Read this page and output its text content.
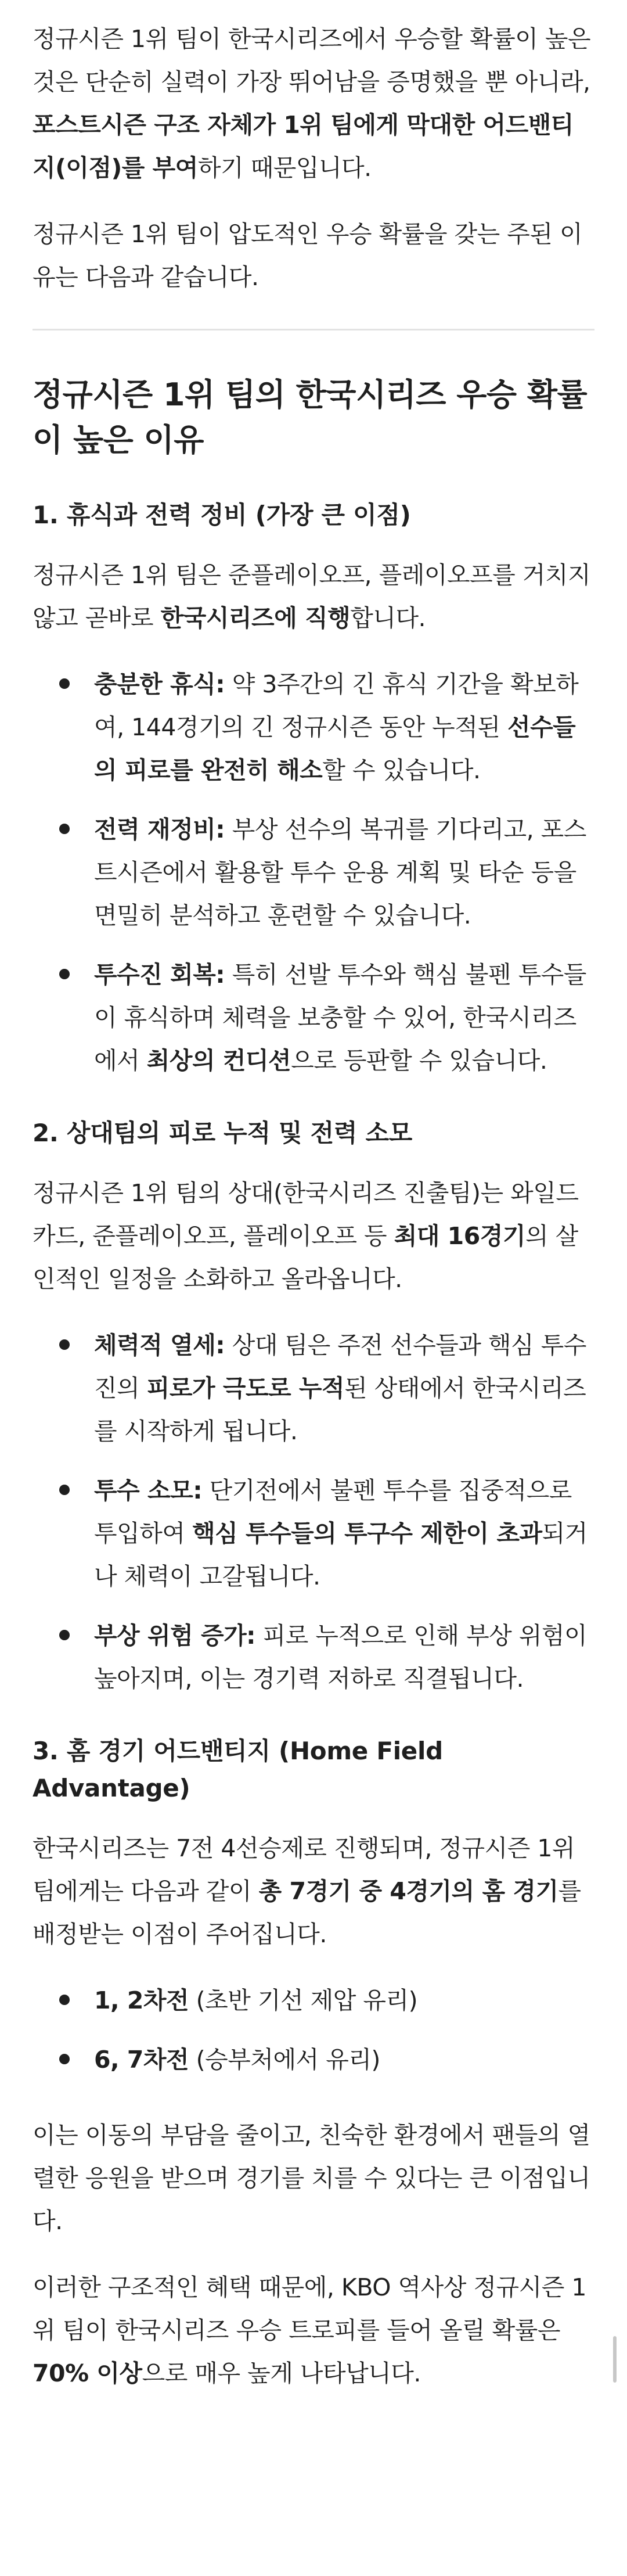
정규시즌 1위 팀이 한국시리즈에서 우승할 확률이 높은 것은 단순히 실력이 가장 뛰어남을 증명했을 뿐 아니라, 포스트시즌 구조 자체가 1위 팀에게 막대한 어드밴티지(이점)를 부여하기 때문입니다.

정규시즌 1위 팀이 압도적인 우승 확률을 갖는 주된 이유는 다음과 같습니다.

정규시즌 1위 팀의 한국시리즈 우승 확률이 높은 이유
1. 휴식과 전력 정비 (가장 큰 이점)

정규시즌 1위 팀은 준플레이오프, 플레이오프를 거치지 않고 곧바로 한국시리즈에 직행합니다.

충분한 휴식: 약 3주간의 긴 휴식 기간을 확보하여, 144경기의 긴 정규시즌 동안 누적된 선수들의 피로를 완전히 해소할 수 있습니다.
전력 재정비: 부상 선수의 복귀를 기다리고, 포스트시즌에서 활용할 투수 운용 계획 및 타순 등을 면밀히 분석하고 훈련할 수 있습니다.
투수진 회복: 특히 선발 투수와 핵심 불펜 투수들이 휴식하며 체력을 보충할 수 있어, 한국시리즈에서 최상의 컨디션으로 등판할 수 있습니다.
2. 상대팀의 피로 누적 및 전력 소모

정규시즌 1위 팀의 상대(한국시리즈 진출팀)는 와일드카드, 준플레이오프, 플레이오프 등 최대 16경기의 살인적인 일정을 소화하고 올라옵니다.

체력적 열세: 상대 팀은 주전 선수들과 핵심 투수진의 피로가 극도로 누적된 상태에서 한국시리즈를 시작하게 됩니다.
투수 소모: 단기전에서 불펜 투수를 집중적으로 투입하여 핵심 투수들의 투구수 제한이 초과되거나 체력이 고갈됩니다.
부상 위험 증가: 피로 누적으로 인해 부상 위험이 높아지며, 이는 경기력 저하로 직결됩니다.
3. 홈 경기 어드밴티지 (Home Field Advantage)

한국시리즈는 7전 4선승제로 진행되며, 정규시즌 1위 팀에게는 다음과 같이 총 7경기 중 4경기의 홈 경기를 배정받는 이점이 주어집니다.

1, 2차전 (초반 기선 제압 유리)
6, 7차전 (승부처에서 유리)

이는 이동의 부담을 줄이고, 친숙한 환경에서 팬들의 열렬한 응원을 받으며 경기를 치를 수 있다는 큰 이점입니다.

이러한 구조적인 혜택 때문에, KBO 역사상 정규시즌 1위 팀이 한국시리즈 우승 트로피를 들어 올릴 확률은 70% 이상으로 매우 높게 나타납니다.
